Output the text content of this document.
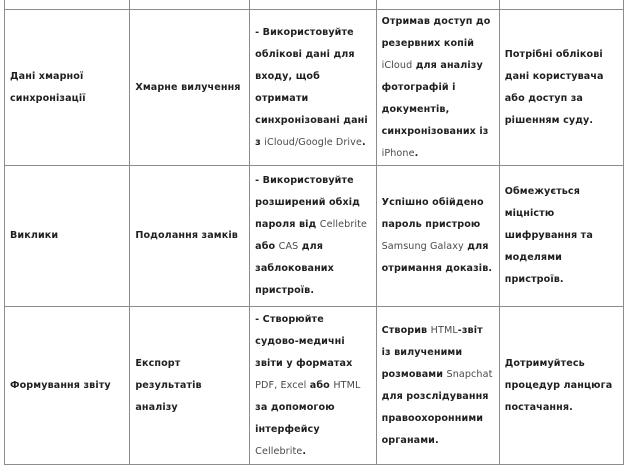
Дані хмарної синхронізації	Хмарне вилучення	- Використовуйте облікові дані для входу, щоб отримати синхронізовані дані з iCloud/Google Drive.	Отримав доступ до резервних копій iCloud для аналізу фотографій і документів, синхронізованих із iPhone.	Потрібні облікові дані користувача або доступ за рішенням суду.
Виклики	Подолання замків	- Використовуйте розширений обхід пароля від Cellebrite або CAS для заблокованих пристроїв.	Успішно обійдено пароль пристрою Samsung Galaxy для отримання доказів.	Обмежується міцністю шифрування та моделями пристроїв.
Формування звіту	Експорт результатів аналізу	- Створюйте судово-медичні звіти у форматах PDF, Excel або HTML за допомогою інтерфейсу Cellebrite.	Створив HTML-звіт із вилученими розмовами Snapchat для розслідування правоохоронними органами.	Дотримуйтесь процедур ланцюга постачання.
